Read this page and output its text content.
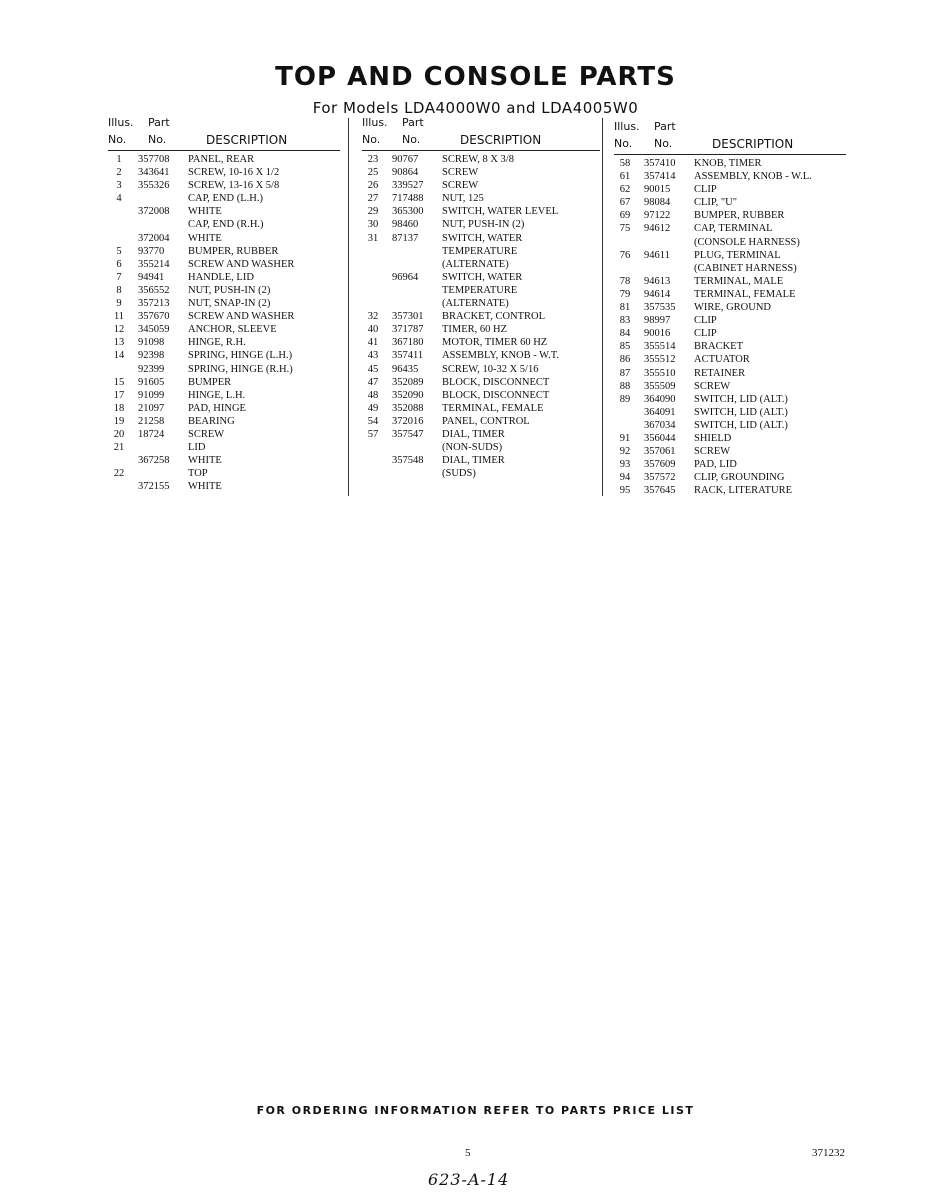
TOP AND CONSOLE PARTS
For Models LDA4000W0 and LDA4005W0
Illus. Part
No. No.	DESCRIPTION
1	357708 PANEL, REAR
2	343641 SCREW, 10-16 X 1/2
3	355326 SCREW, 13-16 X 5/8
4	CAP, END (L.H.)
372008 WHITE
CAP, END (R.H.)
372004 WHITE
5	93770 BUMPER, RUBBER
6	355214 SCREW AND WASHER
7	94941 HANDLE, LID
8	356552 NUT, PUSH-IN (2)
9	357213 NUT, SNAP-IN (2)
11	357670 SCREW AND WASHER
12	345059 ANCHOR, SLEEVE
13	91098 HINGE, R.H.
14	92398 SPRING, HINGE (L.H.)
92399 SPRING, HINGE (R.H.)
15	91605 BUMPER
17	91099 HINGE, L.H.
18	21097 PAD, HINGE
19	21258 BEARING
20	18724 SCREW
21	LID
367258 WHITE
22	TOP
372155 WHITE
Illus. Part
No. No.	DESCRIPTION
23	90767 SCREW, 8 X 3/8
25	90864 SCREW
26	339527 SCREW
27	717488 NUT, 125
29	365300 SWITCH, WATER LEVEL
30	98460 NUT, PUSH-IN (2)
31	87137 SWITCH, WATER
TEMPERATURE
(ALTERNATE)
96964 SWITCH, WATER
TEMPERATURE
(ALTERNATE)
32	357301 BRACKET, CONTROL
40	371787 TIMER, 60 HZ
41	367180 MOTOR, TIMER 60 HZ
43	357411 ASSEMBLY, KNOB - W.T.
45	96435 SCREW, 10-32 X 5/16
47	352089 BLOCK, DISCONNECT
48	352090 BLOCK, DISCONNECT
49	352088 TERMINAL, FEMALE
54	372016 PANEL, CONTROL
57	357547 DIAL, TIMER
(NON-SUDS)
357548 DIAL, TIMER
(SUDS)
Illus. Part
No. No.	DESCRIPTION
58	357410 KNOB, TIMER
61	357414 ASSEMBLY, KNOB - W.L.
62	90015 CLIP
67	98084 CLIP, "U"
69	97122 BUMPER, RUBBER
75	94612 CAP, TERMINAL
(CONSOLE HARNESS)
76	94611 PLUG, TERMINAL
(CABINET HARNESS)
78	94613 TERMINAL, MALE
79	94614 TERMINAL, FEMALE
81	357535 WIRE, GROUND
83	98997 CLIP
84	90016 CLIP
85	355514 BRACKET
86	355512 ACTUATOR
87	355510 RETAINER
88	355509 SCREW
89	364090 SWITCH, LID (ALT.)
364091 SWITCH, LID (ALT.)
367034 SWITCH, LID (ALT.)
91	356044 SHIELD
92	357061 SCREW
93	357609 PAD, LID
94	357572 CLIP, GROUNDING
95	357645 RACK, LITERATURE
FOR ORDERING INFORMATION REFER TO PARTS PRICE LIST
5	371232
623-A-14
